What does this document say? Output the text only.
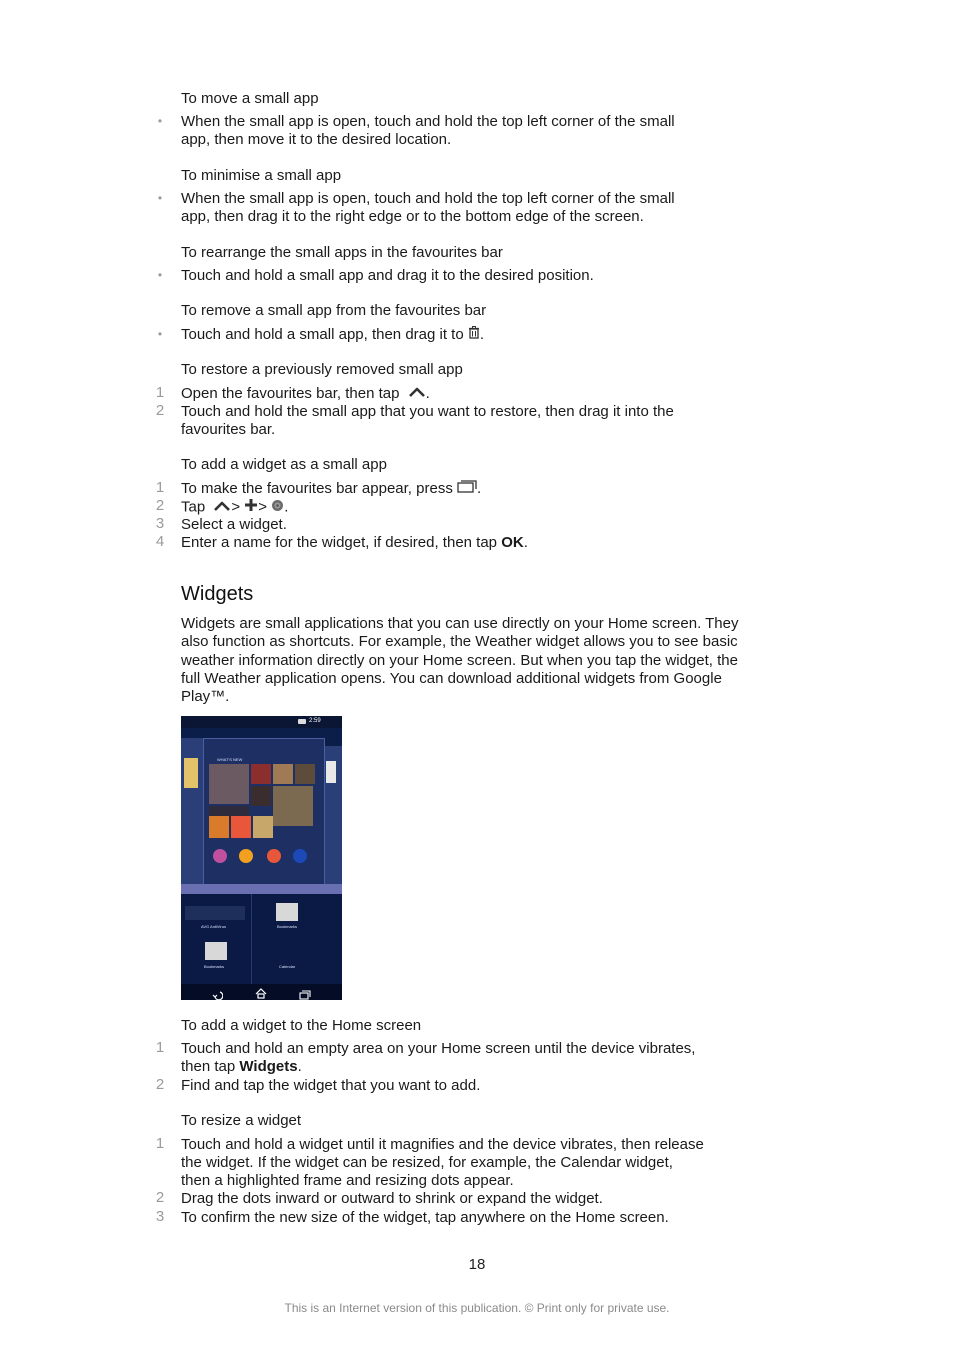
To move a small app
•	When the small app is open, touch and hold the top left corner of the small
app, then move it to the desired location.
To minimise a small app
•	When the small app is open, touch and hold the top left corner of the small
app, then drag it to the right edge or to the bottom edge of the screen.
To rearrange the small apps in the favourites bar
•	Touch and hold a small app and drag it to the desired position.
To remove a small app from the favourites bar
•	Touch and hold a small app, then drag it to .
To restore a previously removed small app
1	Open the favourites bar, then tap .
2	Touch and hold the small app that you want to restore, then drag it into the
favourites bar.
To add a widget as a small app
1	To make the favourites bar appear, press .
2	Tap > > .
3	Select a widget.
4	Enter a name for the widget, if desired, then tap OK.
Widgets
Widgets are small applications that you can use directly on your Home screen. They
also function as shortcuts. For example, the Weather widget allows you to see basic
weather information directly on your Home screen. But when you tap the widget, the
full Weather application opens. You can download additional widgets from Google
Play™.
2:59
WHAT'S NEW
AVG AntiVirus	Bookmarks
Bookmarks	Calendar
To add a widget to the Home screen
1	Touch and hold an empty area on your Home screen until the device vibrates,
then tap Widgets.
2	Find and tap the widget that you want to add.
To resize a widget
1	Touch and hold a widget until it magnifies and the device vibrates, then release
the widget. If the widget can be resized, for example, the Calendar widget,
then a highlighted frame and resizing dots appear.
2	Drag the dots inward or outward to shrink or expand the widget.
3	To confirm the new size of the widget, tap anywhere on the Home screen.
18
This is an Internet version of this publication. © Print only for private use.
